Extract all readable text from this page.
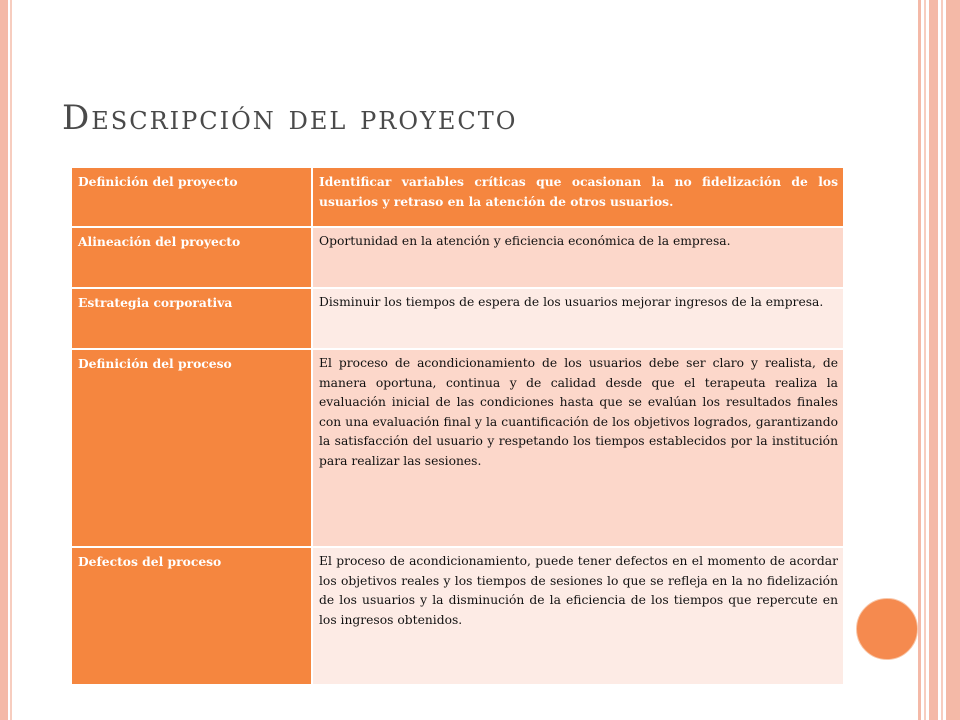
Descripción del proyecto
Definición del proyecto	Identificar variables críticas que ocasionan la no fidelización de los usuarios y retraso en la atención de otros usuarios.
Alineación del proyecto	Oportunidad en la atención y eficiencia económica de la empresa.
Estrategia corporativa	Disminuir los tiempos de espera de los usuarios mejorar ingresos de la empresa.
Definición del proceso	El proceso de acondicionamiento de los usuarios debe ser claro y realista, de manera oportuna, continua y de calidad desde que el terapeuta realiza la evaluación inicial de las condiciones hasta que se evalúan los resultados finales con una evaluación final y la cuantificación de los objetivos logrados, garantizando la satisfacción del usuario y respetando los tiempos establecidos por la institución para realizar las sesiones.
Defectos del proceso	El proceso de acondicionamiento, puede tener defectos en el momento de acordar los objetivos reales y los tiempos de sesiones lo que se refleja en la no fidelización de los usuarios y la disminución de la eficiencia de los tiempos que repercute en los ingresos obtenidos.
